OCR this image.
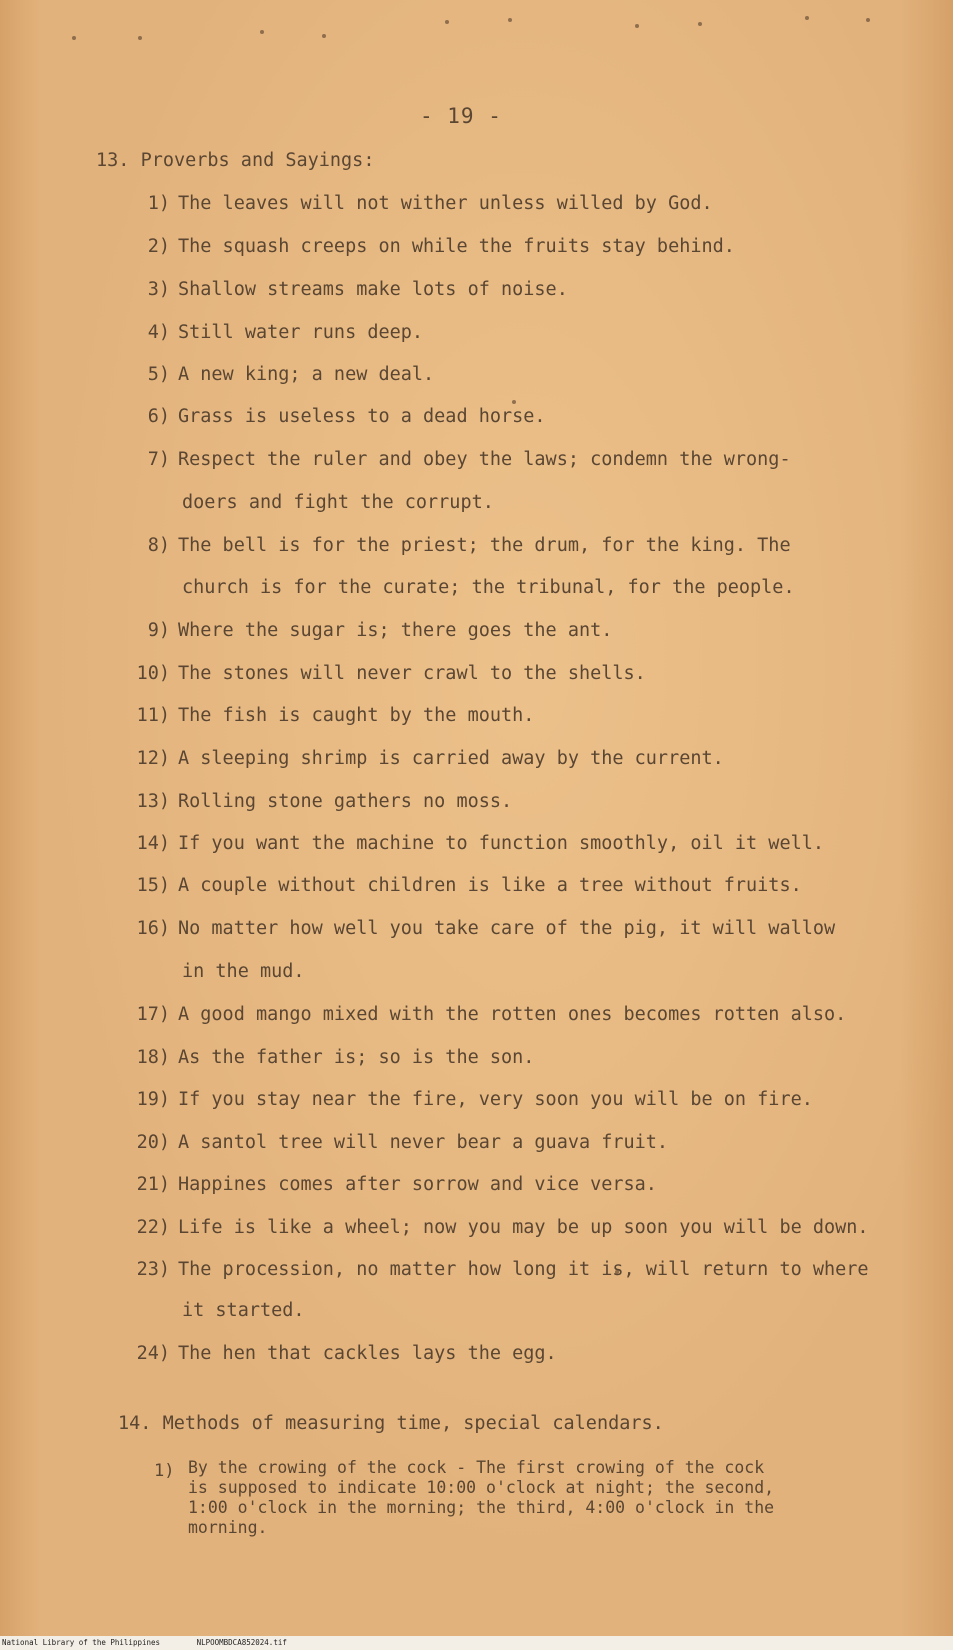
- 19 -
13. Proverbs and Sayings:
1) The leaves will not wither unless willed by God.
2) The squash creeps on while the fruits stay behind.
3) Shallow streams make lots of noise.
4) Still water runs deep.
5) A new king; a new deal.
6) Grass is useless to a dead horse.
7) Respect the ruler and obey the laws; condemn the wrong-
doers and fight the corrupt.
8) The bell is for the priest; the drum, for the king. The
church is for the curate; the tribunal, for the people.
9) Where the sugar is; there goes the ant.
10) The stones will never crawl to the shells.
11) The fish is caught by the mouth.
12) A sleeping shrimp is carried away by the current.
13) Rolling stone gathers no moss.
14) If you want the machine to function smoothly, oil it well.
15) A couple without children is like a tree without fruits.
16) No matter how well you take care of the pig, it will wallow
in the mud.
17) A good mango mixed with the rotten ones becomes rotten also.
18) As the father is; so is the son.
19) If you stay near the fire, very soon you will be on fire.
20) A santol tree will never bear a guava fruit.
21) Happines comes after sorrow and vice versa.
22) Life is like a wheel; now you may be up soon you will be down.
23) The procession, no matter how long it is, will return to where
it started.
24) The hen that cackles lays the egg.
14. Methods of measuring time, special calendars.
1) By the crowing of the cock - The first crowing of the cock
is supposed to indicate 10:00 o'clock at night; the second,
1:00 o'clock in the morning; the third, 4:00 o'clock in the
morning.
National Library of the Philippines	NLPOOMBDCA852024.tif
